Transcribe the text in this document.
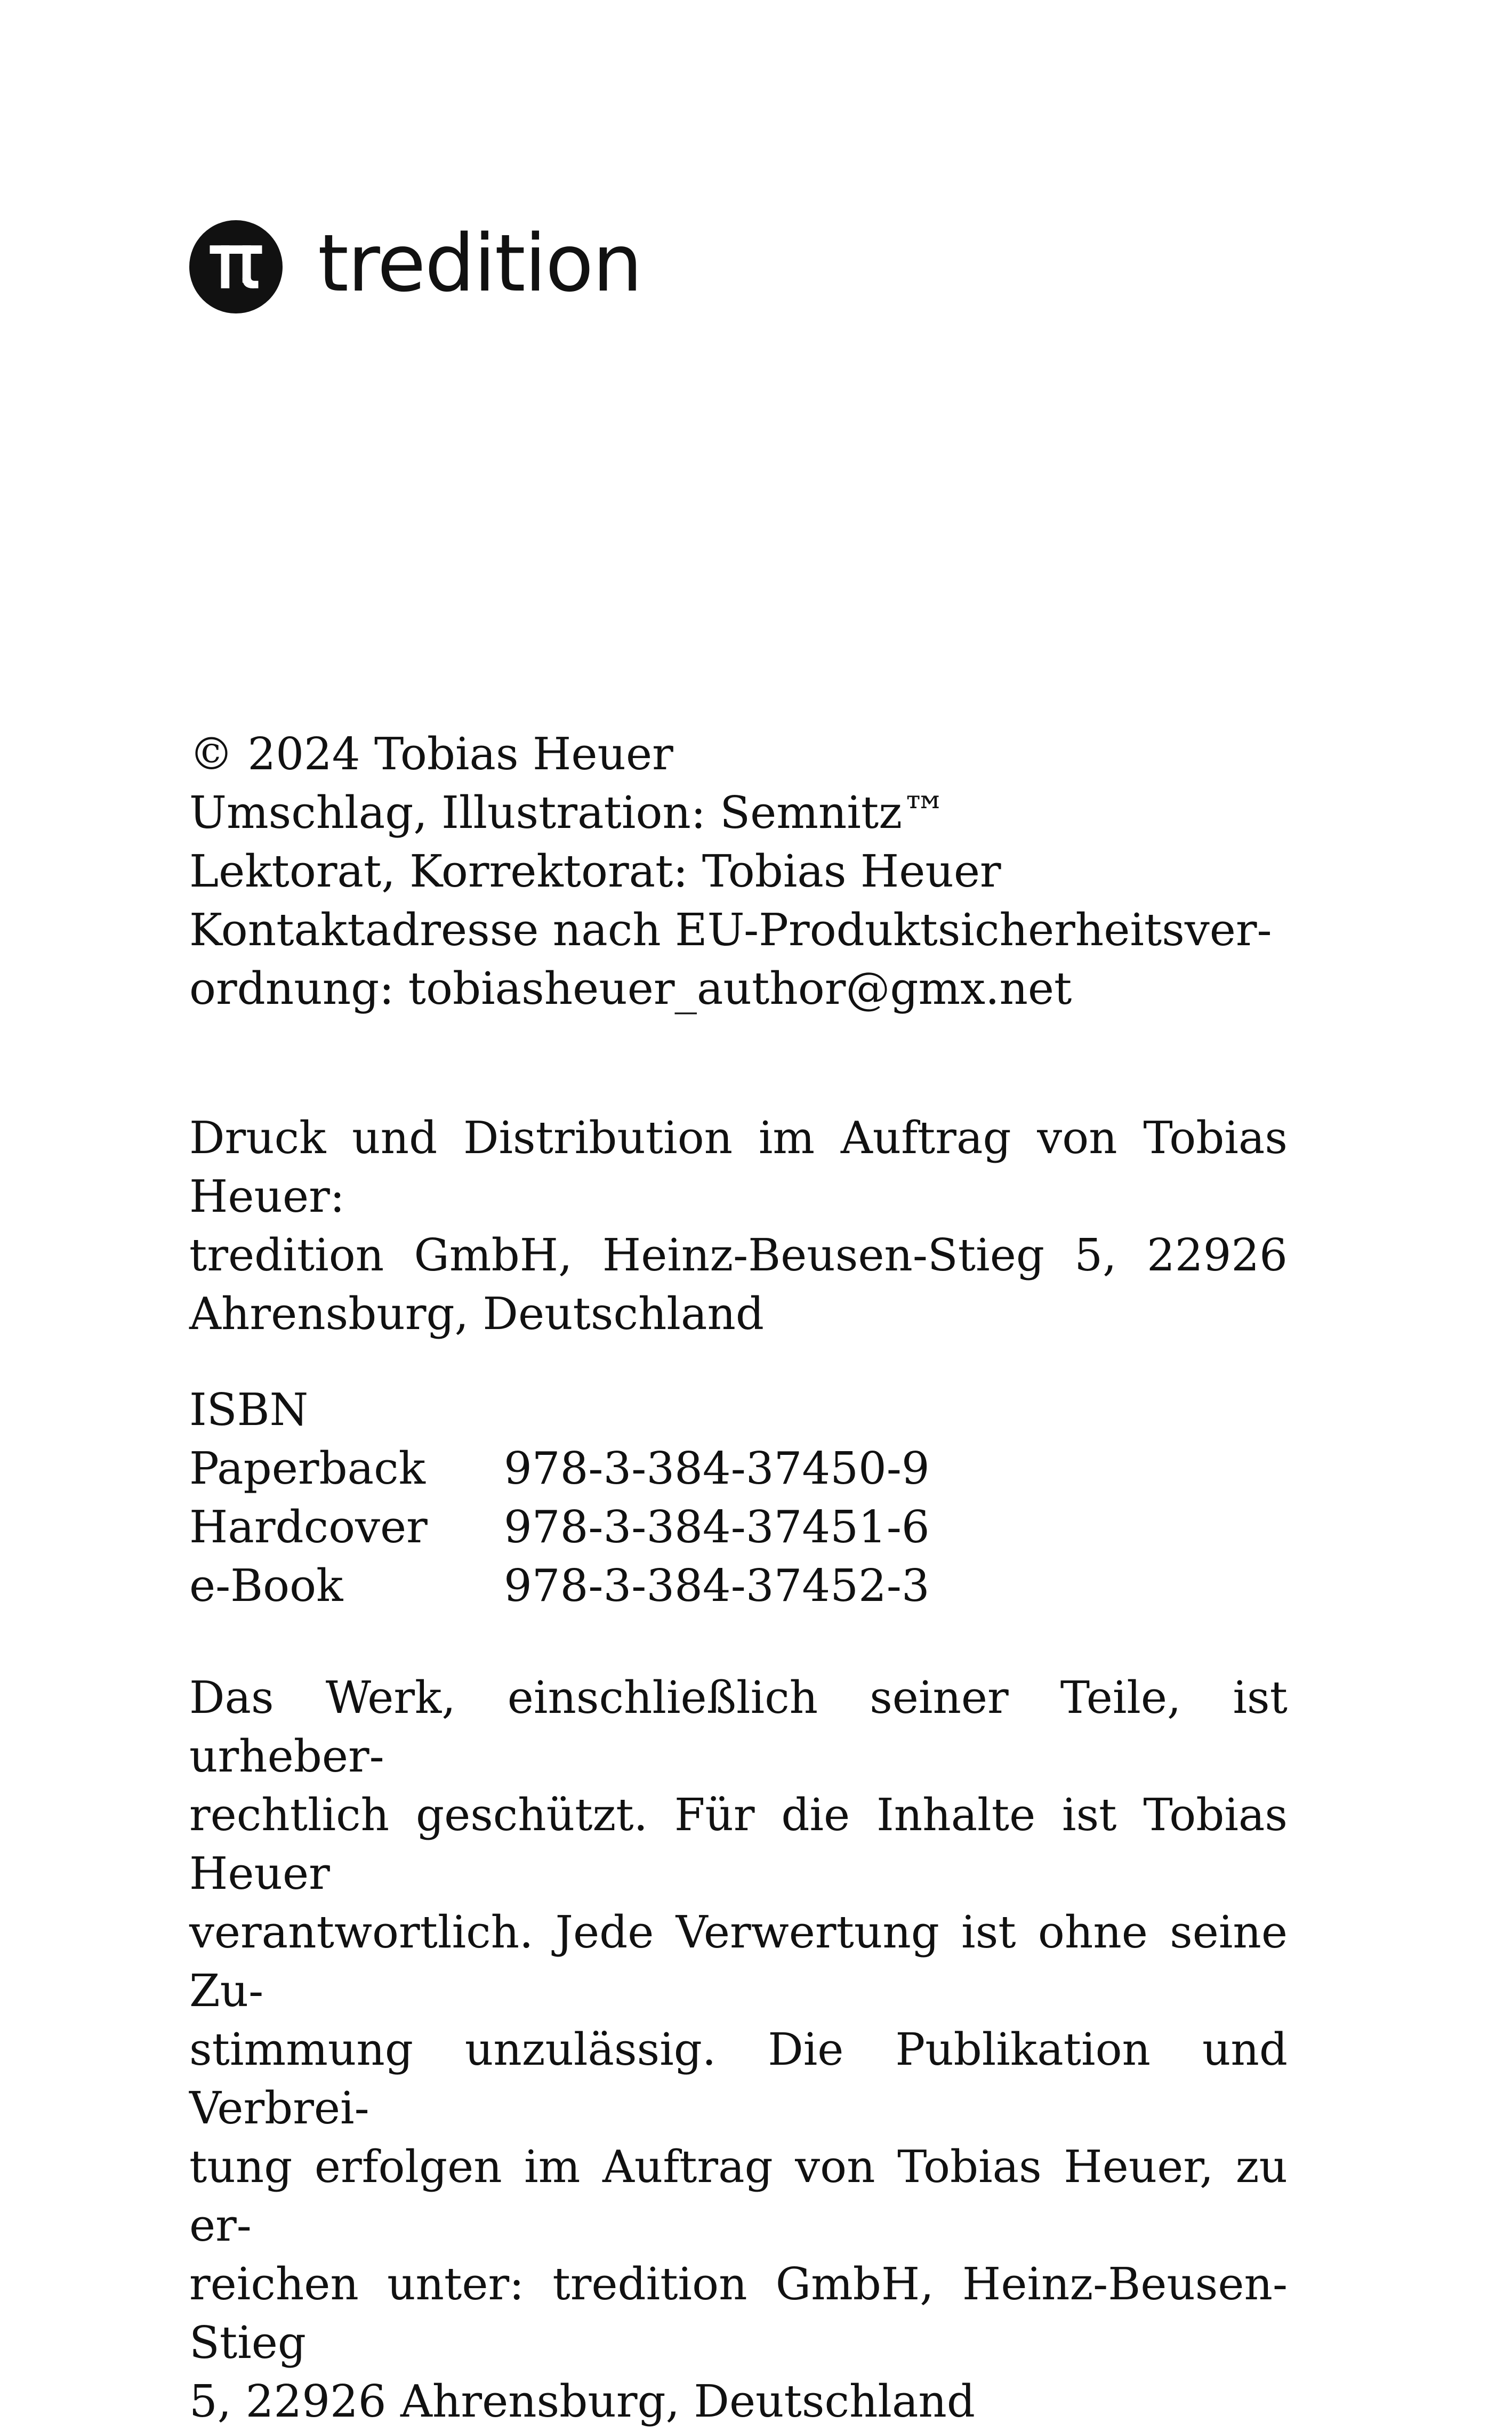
tredition
© 2024 Tobias Heuer
Umschlag, Illustration: Semnitz™
Lektorat, Korrektorat: Tobias Heuer
Kontaktadresse nach EU-Produktsicherheitsver-
ordnung: tobiasheuer_author@gmx.net
Druck und Distribution im Auftrag von Tobias
Heuer:
tredition GmbH, Heinz-Beusen-Stieg 5, 22926
Ahrensburg, Deutschland
ISBN
Paperback	978-3-384-37450-9
Hardcover	978-3-384-37451-6
e-Book	978-3-384-37452-3
Das Werk, einschließlich seiner Teile, ist urheber-
rechtlich geschützt. Für die Inhalte ist Tobias Heuer
verantwortlich. Jede Verwertung ist ohne seine Zu-
stimmung unzulässig. Die Publikation und Verbrei-
tung erfolgen im Auftrag von Tobias Heuer, zu er-
reichen unter: tredition GmbH, Heinz-Beusen-Stieg
5, 22926 Ahrensburg, Deutschland
